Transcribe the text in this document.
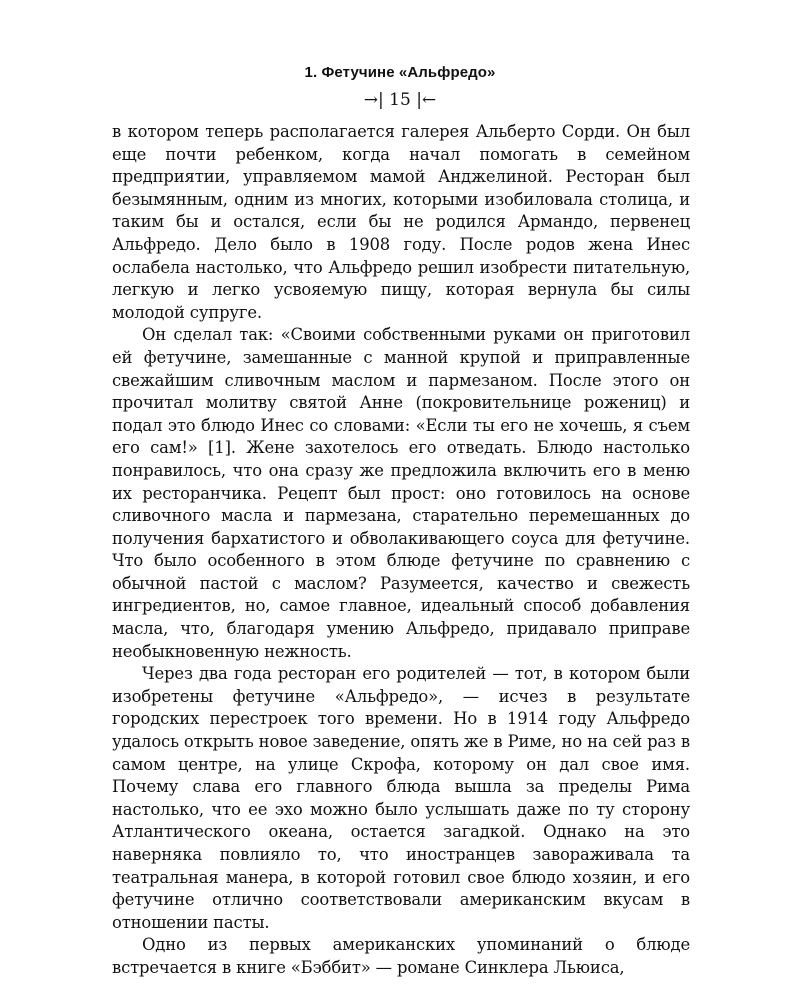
1. Фетучине «Альфредо»
→| 15 |←

в котором теперь располагается галерея Альберто Сорди. Он был еще почти ребенком, когда начал помогать в семейном предприятии, управляемом мамой Анджелиной. Ресторан был безымянным, одним из многих, которыми изобиловала столица, и таким бы и остался, если бы не родился Армандо, первенец Альфредо. Дело было в 1908 году. После родов жена Инес ослабела настолько, что Альфредо решил изобрести питательную, легкую и легко усвояемую пищу, которая вернула бы силы молодой супруге.

Он сделал так: «Своими собственными руками он приготовил ей фетучине, замешанные с манной крупой и приправленные свежайшим сливочным маслом и пармезаном. После этого он прочитал молитву святой Анне (покровительнице рожениц) и подал это блюдо Инес со словами: «Если ты его не хочешь, я съем его сам!» [1]. Жене захотелось его отведать. Блюдо настолько понравилось, что она сразу же предложила включить его в меню их ресторанчика. Рецепт был прост: оно готовилось на основе сливочного масла и пармезана, старательно перемешанных до получения бархатистого и обволакивающего соуса для фетучине. Что было особенного в этом блюде фетучине по сравнению с обычной пастой с маслом? Разумеется, качество и свежесть ингредиентов, но, самое главное, идеальный способ добавления масла, что, благодаря умению Альфредо, придавало приправе необыкновенную нежность.

Через два года ресторан его родителей — тот, в котором были изобретены фетучине «Альфредо», — исчез в результате городских перестроек того времени. Но в 1914 году Альфредо удалось открыть новое заведение, опять же в Риме, но на сей раз в самом центре, на улице Скрофа, которому он дал свое имя. Почему слава его главного блюда вышла за пределы Рима настолько, что ее эхо можно было услышать даже по ту сторону Атлантического океана, остается загадкой. Однако на это наверняка повлияло то, что иностранцев завораживала та театральная манера, в которой готовил свое блюдо хозяин, и его фетучине отлично соответствовали американским вкусам в отношении пасты.

Одно из первых американских упоминаний о блюде встречается в книге «Бэббит» — романе Синклера Льюиса,
